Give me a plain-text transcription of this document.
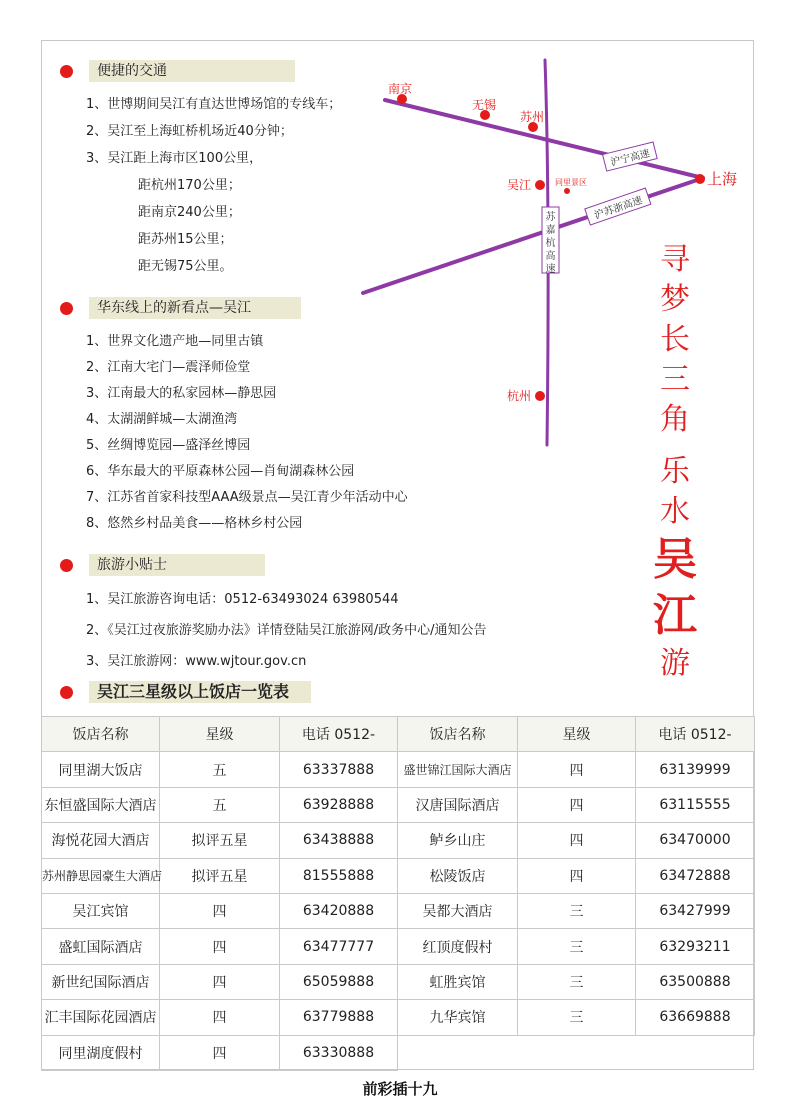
便捷的交通
1、世博期间吴江有直达世博场馆的专线车；
2、吴江至上海虹桥机场近40分钟；
3、吴江距上海市区100公里，
距杭州170公里；
距南京240公里；
距苏州15公里；
距无锡75公里。
华东线上的新看点—吴江
1、世界文化遗产地—同里古镇
2、江南大宅门—震泽师俭堂
3、江南最大的私家园林—静思园
4、太湖湖鲜城—太湖渔湾
5、丝绸博览园—盛泽丝博园
6、华东最大的平原森林公园—肖甸湖森林公园
7、江苏省首家科技型AAA级景点—吴江青少年活动中心
8、悠然乡村品美食——格林乡村公园
旅游小贴士
1、吴江旅游咨询电话：0512-63493024 63980544
2、《吴江过夜旅游奖励办法》详情登陆吴江旅游网/政务中心/通知公告
3、吴江旅游网：www.wjtour.gov.cn
吴江三星级以上饭店一览表
沪宁高速
沪苏浙高速
苏
嘉
杭
高
速
南京
无锡
苏州
吴江	同里景区
杭州
上海
寻
梦
长
三
角
乐
水
吴
江
游
饭店名称	星级	电话 0512-	饭店名称	星级	电话 0512-
同里湖大饭店	五	63337888	盛世锦江国际大酒店	四	63139999
东恒盛国际大酒店	五	63928888	汉唐国际酒店	四	63115555
海悦花园大酒店	拟评五星	63438888	鲈乡山庄	四	63470000
苏州静思园豪生大酒店	拟评五星	81555888	松陵饭店	四	63472888
吴江宾馆	四	63420888	吴都大酒店	三	63427999
盛虹国际酒店	四	63477777	红顶度假村	三	63293211
新世纪国际酒店	四	65059888	虹胜宾馆	三	63500888
汇丰国际花园酒店	四	63779888	九华宾馆	三	63669888
同里湖度假村	四	63330888			
前彩插十九
